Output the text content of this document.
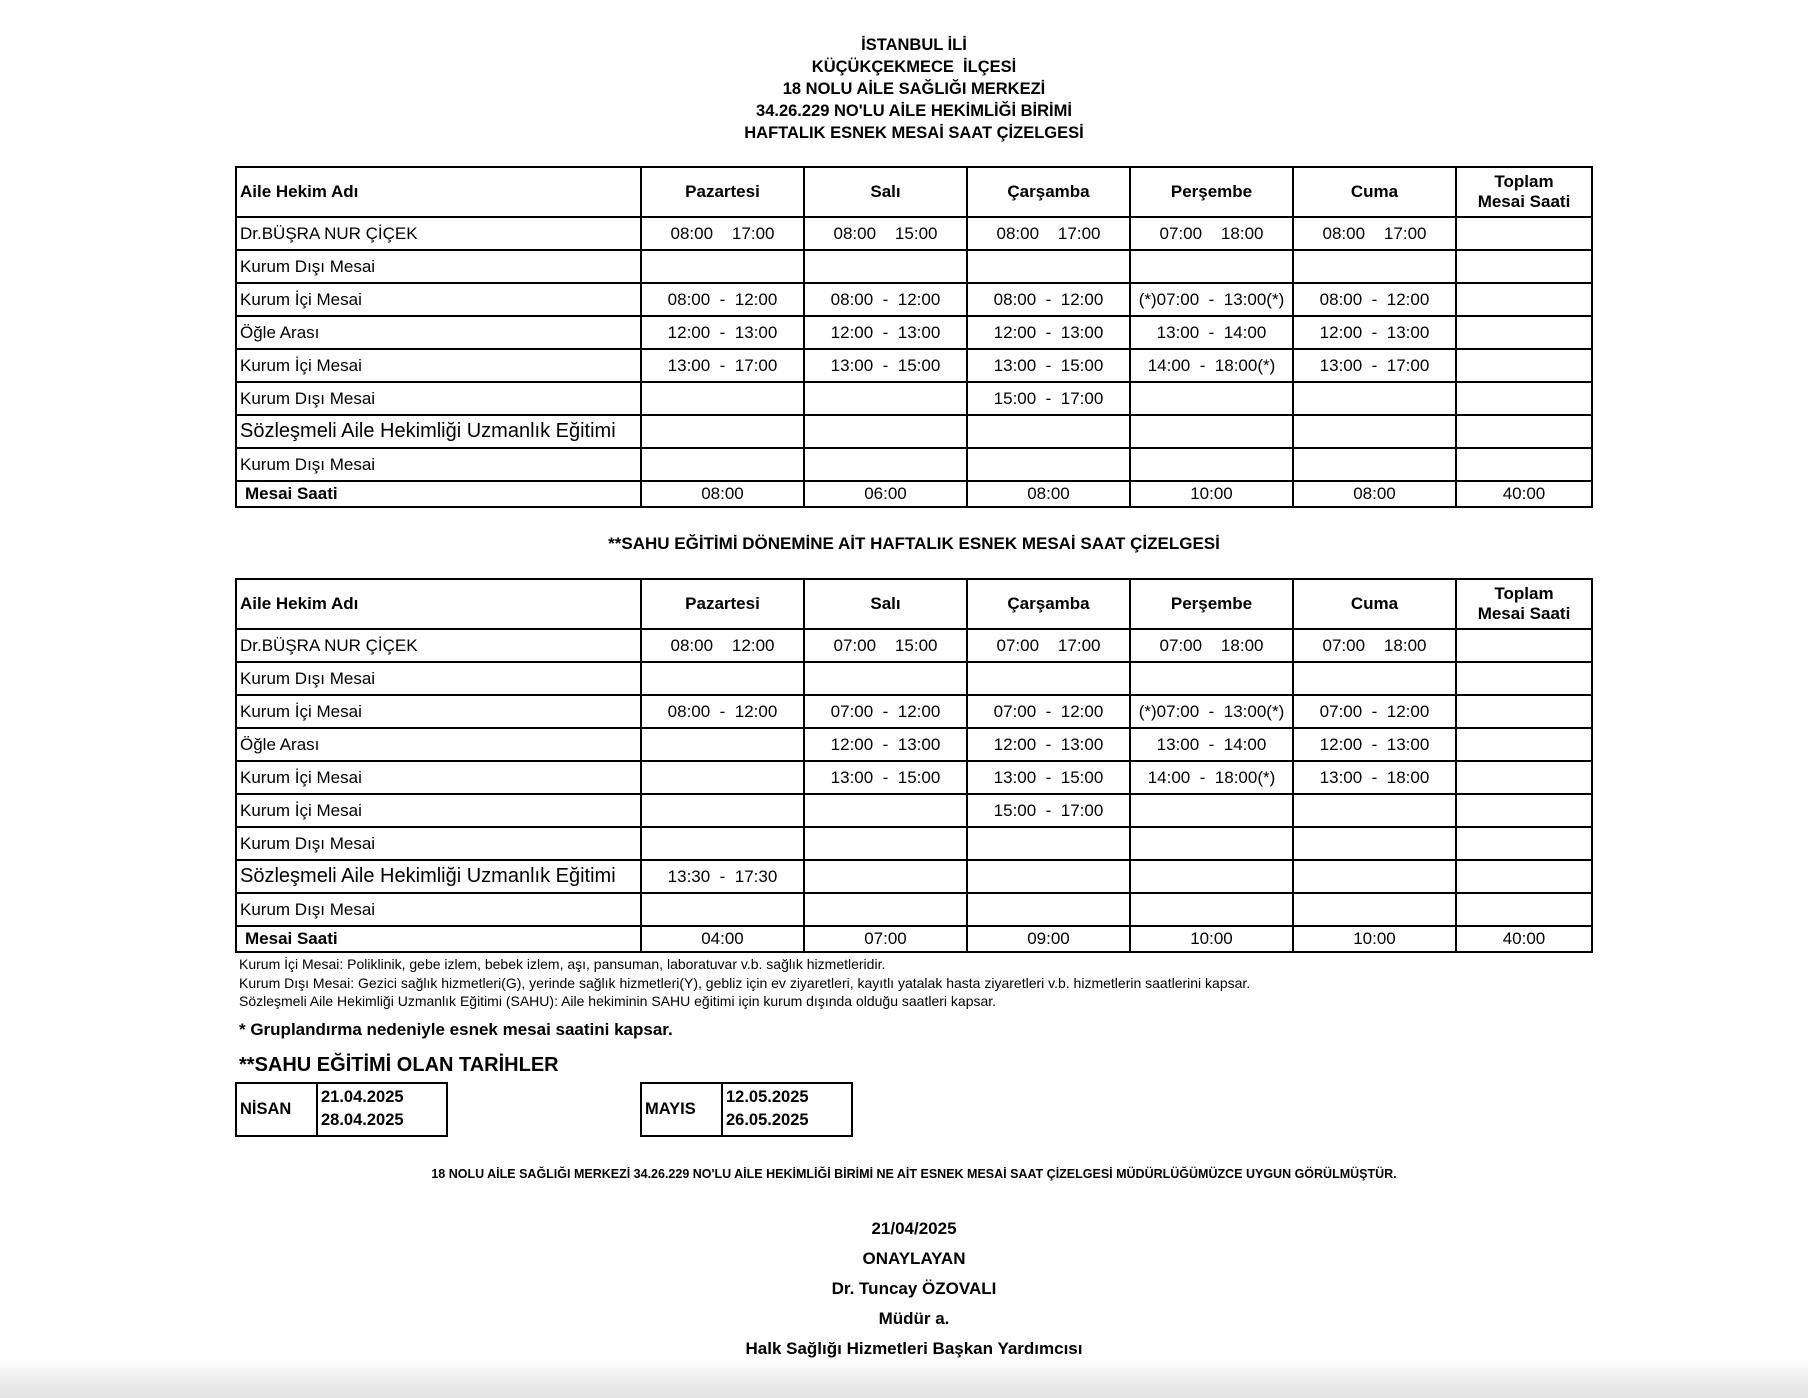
İSTANBUL İLİ
KÜÇÜKÇEKMECE  İLÇESİ
18 NOLU AİLE SAĞLIĞI MERKEZİ
34.26.229 NO'LU AİLE HEKİMLİĞİ BİRİMİ
HAFTALIK ESNEK MESAİ SAAT ÇİZELGESİ
Aile Hekim Adı	Pazartesi	Salı	Çarşamba	Perşembe	Cuma	Toplam
Mesai Saati

Dr.BÜŞRA NUR ÇİÇEK	08:00    17:00	08:00    15:00	08:00    17:00	07:00    18:00	08:00    17:00	
Kurum Dışı Mesai						
Kurum İçi Mesai	08:00  -  12:00	08:00  -  12:00	08:00  -  12:00	(*)07:00  -  13:00(*)	08:00  -  12:00	
Öğle Arası	12:00  -  13:00	12:00  -  13:00	12:00  -  13:00	13:00  -  14:00	12:00  -  13:00	
Kurum İçi Mesai	13:00  -  17:00	13:00  -  15:00	13:00  -  15:00	14:00  -  18:00(*)	13:00  -  17:00	
Kurum Dışı Mesai			15:00  -  17:00			
Sözleşmeli Aile Hekimliği Uzmanlık Eğitimi						
Kurum Dışı Mesai						
Mesai Saati	08:00	06:00	08:00	10:00	08:00	40:00
**SAHU EĞİTİMİ DÖNEMİNE AİT HAFTALIK ESNEK MESAİ SAAT ÇİZELGESİ
Aile Hekim Adı	Pazartesi	Salı	Çarşamba	Perşembe	Cuma	Toplam
Mesai Saati

Dr.BÜŞRA NUR ÇİÇEK	08:00    12:00	07:00    15:00	07:00    17:00	07:00    18:00	07:00    18:00	
Kurum Dışı Mesai						
Kurum İçi Mesai	08:00  -  12:00	07:00  -  12:00	07:00  -  12:00	(*)07:00  -  13:00(*)	07:00  -  12:00	
Öğle Arası		12:00  -  13:00	12:00  -  13:00	13:00  -  14:00	12:00  -  13:00	
Kurum İçi Mesai		13:00  -  15:00	13:00  -  15:00	14:00  -  18:00(*)	13:00  -  18:00	
Kurum İçi Mesai			15:00  -  17:00			
Kurum Dışı Mesai						
Sözleşmeli Aile Hekimliği Uzmanlık Eğitimi	13:30  -  17:30					
Kurum Dışı Mesai						
Mesai Saati	04:00	07:00	09:00	10:00	10:00	40:00
Kurum İçi Mesai: Poliklinik, gebe izlem, bebek izlem, aşı, pansuman, laboratuvar v.b. sağlık hizmetleridir.
Kurum Dışı Mesai: Gezici sağlık hizmetleri(G), yerinde sağlık hizmetleri(Y), gebliz için ev ziyaretleri, kayıtlı yatalak hasta ziyaretleri v.b. hizmetlerin saatlerini kapsar.
Sözleşmeli Aile Hekimliği Uzmanlık Eğitimi (SAHU): Aile hekiminin SAHU eğitimi için kurum dışında olduğu saatleri kapsar.
* Gruplandırma nedeniyle esnek mesai saatini kapsar.
**SAHU EĞİTİMİ OLAN TARİHLER
NİSAN	
21.04.2025
28.04.2025
MAYIS	
12.05.2025
26.05.2025
18 NOLU AİLE SAĞLIĞI MERKEZİ 34.26.229 NO'LU AİLE HEKİMLİĞİ BİRİMİ NE AİT ESNEK MESAİ SAAT ÇİZELGESİ MÜDÜRLÜĞÜMÜZCE UYGUN GÖRÜLMÜŞTÜR.
21/04/2025
ONAYLAYAN
Dr. Tuncay ÖZOVALI
Müdür a.
Halk Sağlığı Hizmetleri Başkan Yardımcısı
